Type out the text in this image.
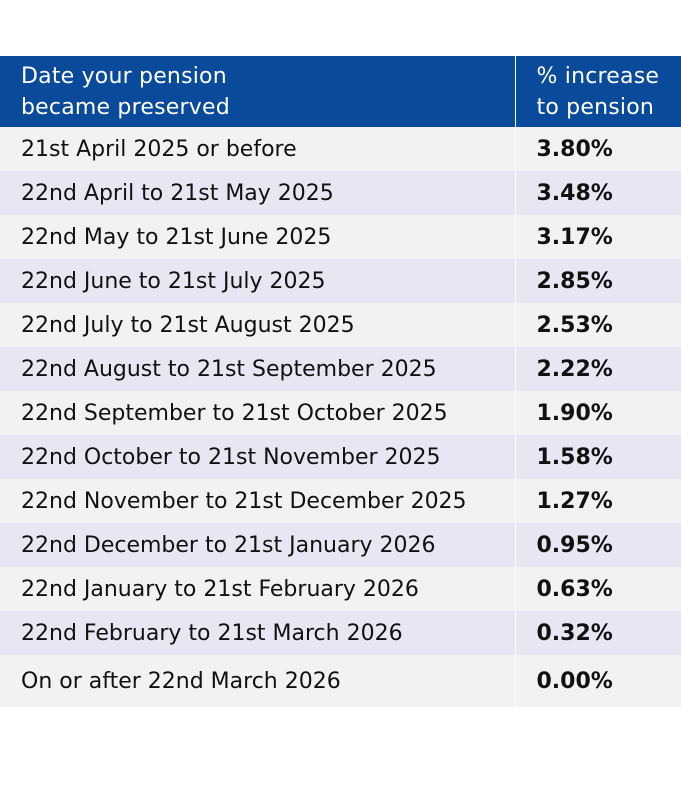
Date your pension
became preserved	% increase
to pension

21st April 2025 or before	3.80%
22nd April to 21st May 2025	3.48%
22nd May to 21st June 2025	3.17%
22nd June to 21st July 2025	2.85%
22nd July to 21st August 2025	2.53%
22nd August to 21st September 2025	2.22%
22nd September to 21st October 2025	1.90%
22nd October to 21st November 2025	1.58%
22nd November to 21st December 2025	1.27%
22nd December to 21st January 2026	0.95%
22nd January to 21st February 2026	0.63%
22nd February to 21st March 2026	0.32%
On or after 22nd March 2026	0.00%
